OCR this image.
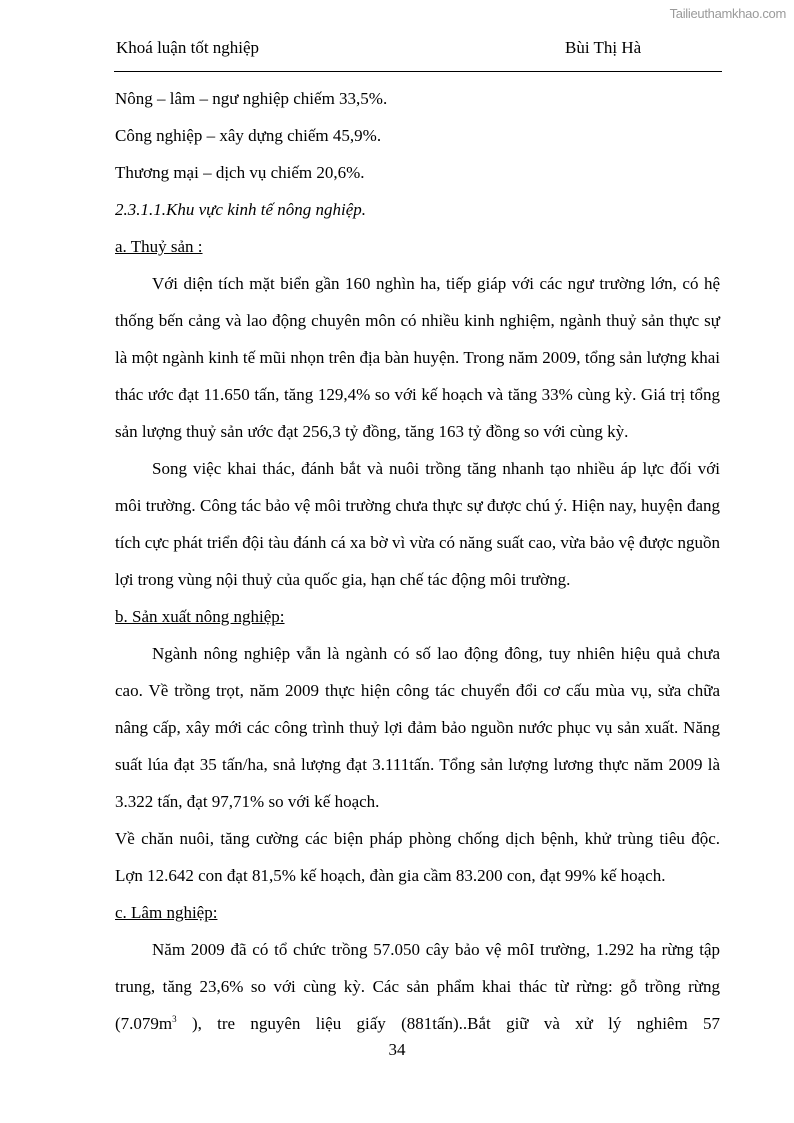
Tailieuthamkhao.com
Khoá luận tốt nghiệp	Bùi Thị Hà

Nông – lâm – ngư nghiệp chiếm 33,5%.

Công nghiệp – xây dựng chiếm 45,9%.

Thương mại – dịch vụ chiếm 20,6%.

2.3.1.1.Khu vực kinh tế nông nghiệp.

a. Thuỷ sản :

Với diện tích mặt biển gần 160 nghìn ha, tiếp giáp với các ngư trường lớn, có hệ thống bến cảng và lao động chuyên môn có nhiều kinh nghiệm, ngành thuỷ sản thực sự là một ngành kinh tế mũi nhọn trên địa bàn huyện. Trong năm 2009, tổng sản lượng khai thác ước đạt 11.650 tấn, tăng 129,4% so với kế hoạch và tăng 33% cùng kỳ. Giá trị tổng sản lượng thuỷ sản ước đạt 256,3 tỷ đồng, tăng 163 tỷ đồng so với cùng kỳ.

Song việc khai thác, đánh bắt và nuôi trồng tăng nhanh tạo nhiều áp lực đối với môi trường. Công tác bảo vệ môi trường chưa thực sự được chú ý. Hiện nay, huyện đang tích cực phát triển đội tàu đánh cá xa bờ vì vừa có năng suất cao, vừa bảo vệ được nguồn lợi trong vùng nội thuỷ của quốc gia, hạn chế tác động môi trường.

b. Sản xuất nông nghiệp:

Ngành nông nghiệp vẫn là ngành có số lao động đông, tuy nhiên hiệu quả chưa cao. Về trồng trọt, năm 2009 thực hiện công tác chuyển đổi cơ cấu mùa vụ, sửa chữa nâng cấp, xây mới các công trình thuỷ lợi đảm bảo nguồn nước phục vụ sản xuất. Năng suất lúa đạt 35 tấn/ha, snả lượng đạt 3.111tấn. Tổng sản lượng lương thực năm 2009 là 3.322 tấn, đạt 97,71% so với kế hoạch.

Về chăn nuôi, tăng cường các biện pháp phòng chống dịch bệnh, khử trùng tiêu độc. Lợn 12.642 con đạt 81,5% kế hoạch, đàn gia cầm 83.200 con, đạt 99% kế hoạch.

c. Lâm nghiệp:

Năm 2009 đã có tổ chức trồng 57.050 cây bảo vệ môI trường, 1.292 ha rừng tập trung, tăng 23,6% so với cùng kỳ. Các sản phẩm khai thác từ rừng: gỗ trồng rừng ($7.079m^3$ ), tre nguyên liệu giấy (881tấn)..Bắt giữ và xử lý nghiêm 57

34
